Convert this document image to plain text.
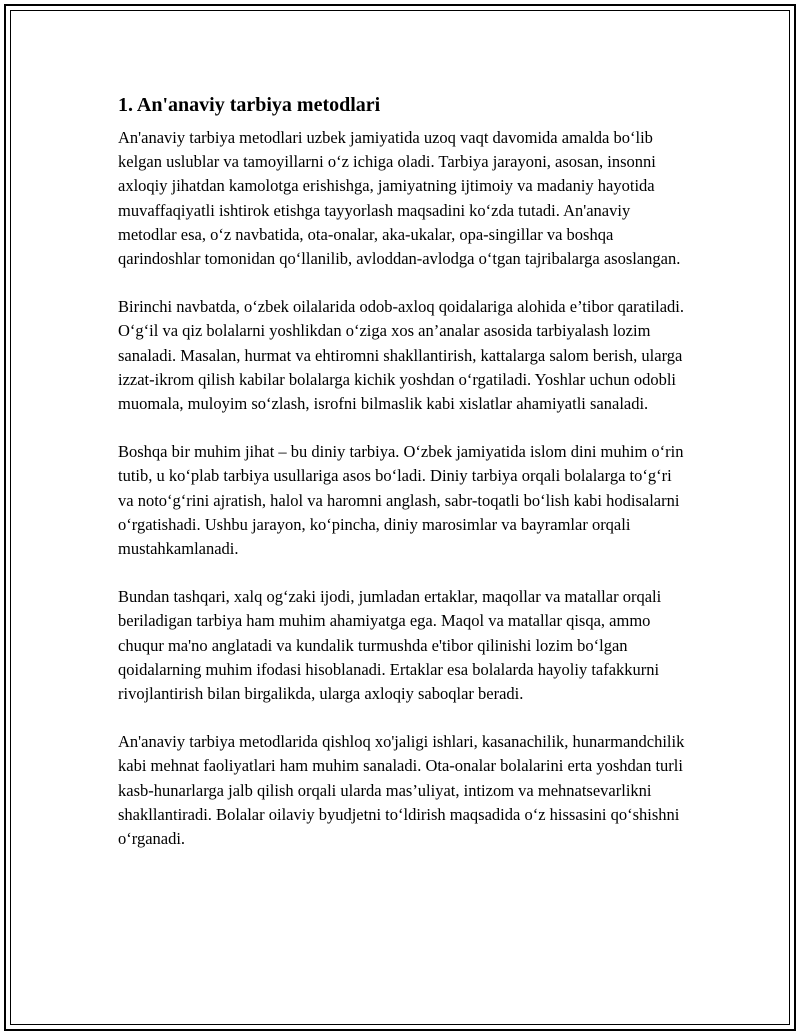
1. An'anaviy tarbiya metodlari

An'anaviy tarbiya metodlari uzbek jamiyatida uzoq vaqt davomida amalda bo‘lib kelgan uslublar va tamoyillarni o‘z ichiga oladi. Tarbiya jarayoni, asosan, insonni axloqiy jihatdan kamolotga erishishga, jamiyatning ijtimoiy va madaniy hayotida muvaffaqiyatli ishtirok etishga tayyorlash maqsadini ko‘zda tutadi. An'anaviy metodlar esa, o‘z navbatida, ota-onalar, aka-ukalar, opa-singillar va boshqa qarindoshlar tomonidan qo‘llanilib, avloddan-avlodga o‘tgan tajribalarga asoslangan.

Birinchi navbatda, o‘zbek oilalarida odob-axloq qoidalariga alohida e’tibor qaratiladi. O‘g‘il va qiz bolalarni yoshlikdan o‘ziga xos an’analar asosida tarbiyalash lozim sanaladi. Masalan, hurmat va ehtiromni shakllantirish, kattalarga salom berish, ularga izzat-ikrom qilish kabilar bolalarga kichik yoshdan o‘rgatiladi. Yoshlar uchun odobli muomala, muloyim so‘zlash, isrofni bilmaslik kabi xislatlar ahamiyatli sanaladi.

Boshqa bir muhim jihat – bu diniy tarbiya. O‘zbek jamiyatida islom dini muhim o‘rin tutib, u ko‘plab tarbiya usullariga asos bo‘ladi. Diniy tarbiya orqali bolalarga to‘g‘ri va noto‘g‘rini ajratish, halol va haromni anglash, sabr-toqatli bo‘lish kabi hodisalarni o‘rgatishadi. Ushbu jarayon, ko‘pincha, diniy marosimlar va bayramlar orqali mustahkamlanadi.

Bundan tashqari, xalq og‘zaki ijodi, jumladan ertaklar, maqollar va matallar orqali beriladigan tarbiya ham muhim ahamiyatga ega. Maqol va matallar qisqa, ammo chuqur ma'no anglatadi va kundalik turmushda e'tibor qilinishi lozim bo‘lgan qoidalarning muhim ifodasi hisoblanadi. Ertaklar esa bolalarda hayoliy tafakkurni rivojlantirish bilan birgalikda, ularga axloqiy saboqlar beradi.

An'anaviy tarbiya metodlarida qishloq xo'jaligi ishlari, kasanachilik, hunarmandchilik kabi mehnat faoliyatlari ham muhim sanaladi. Ota-onalar bolalarini erta yoshdan turli kasb-hunarlarga jalb qilish orqali ularda mas’uliyat, intizom va mehnatsevarlikni shakllantiradi. Bolalar oilaviy byudjetni to‘ldirish maqsadida o‘z hissasini qo‘shishni o‘rganadi.
